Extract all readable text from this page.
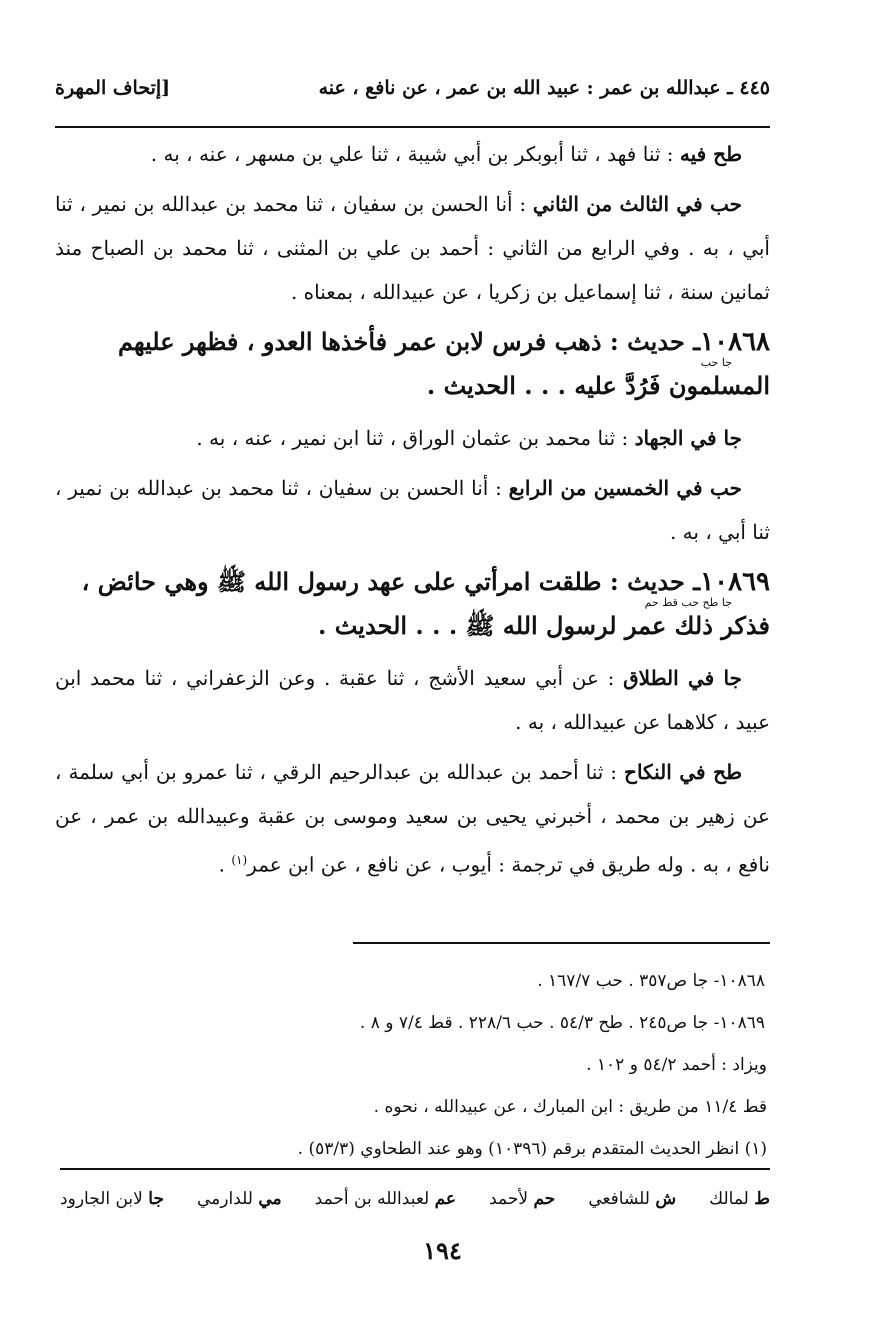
٤٤٥ ـ عبدالله بن عمر : عبيد الله بن عمر ، عن نافع ، عنه
[إتحاف المهرة

طح فيه : ثنا فهد ، ثنا أبوبكر بن أبي شيبة ، ثنا علي بن مسهر ، عنه ، به .

حب في الثالث من الثاني : أنا الحسن بن سفيان ، ثنا محمد بن عبدالله بن نمير ، ثنا أبي ، به . وفي الرابع من الثاني : أحمد بن علي بن المثنى ، ثنا محمد بن الصباح منذ ثمانين سنة ، ثنا إسماعيل بن زكريا ، عن عبيدالله ، بمعناه .

١٠٨٦٨ـ حديث : ذهب فرس لابن عمر فأخذها العدو ، فظهر عليهم
جا حب
المسلمون فَرُدَّ عليه . . . الحديث .

جا في الجهاد : ثنا محمد بن عثمان الوراق ، ثنا ابن نمير ، عنه ، به .

حب في الخمسين من الرابع : أنا الحسن بن سفيان ، ثنا محمد بن عبدالله بن نمير ، ثنا أبي ، به .

١٠٨٦٩ـ حديث : طلقت امرأتي على عهد رسول الله ﷺ وهي حائض ،
جا طح حب قط حم
فذكر ذلك عمر لرسول الله ﷺ . . . الحديث .

جا في الطلاق : عن أبي سعيد الأشج ، ثنا عقبة . وعن الزعفراني ، ثنا محمد ابن عبيد ، كلاهما عن عبيدالله ، به .

طح في النكاح : ثنا أحمد بن عبدالله بن عبدالرحيم الرقي ، ثنا عمرو بن أبي سلمة ، عن زهير بن محمد ، أخبرني يحيى بن سعيد وموسى بن عقبة وعبيدالله بن عمر ، عن نافع ، به . وله طريق في ترجمة : أيوب ، عن نافع ، عن ابن عمر$^{(١)}$ .

١٠٨٦٨- جا ص٣٥٧ . حب ١٦٧/٧ .

١٠٨٦٩- جا ص٢٤٥ . طح ٥٤/٣ . حب ٢٢٨/٦ . قط ٧/٤ و ٨ .

ويزاد : أحمد ٥٤/٢ و ١٠٢ .

قط ١١/٤ من طريق : ابن المبارك ، عن عبيدالله ، نحوه .

(١) انظر الحديث المتقدم برقم (١٠٣٩٦) وهو عند الطحاوي (٥٣/٣) .

ط لمالك
ش للشافعي
حم لأحمد
عم لعبدالله بن أحمد
مي للدارمي
جا لابن الجارود
١٩٤
